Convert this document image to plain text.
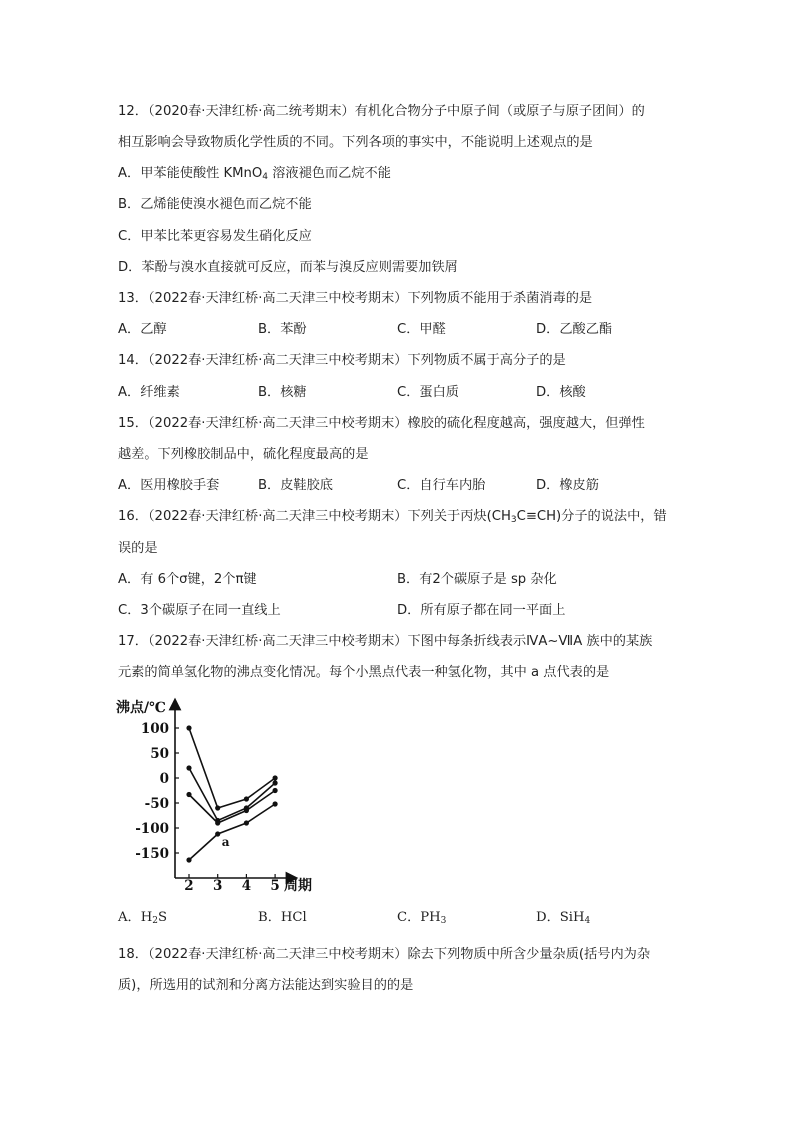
12．（2020春·天津红桥·高二统考期末）有机化合物分子中原子间（或原子与原子团间）的
相互影响会导致物质化学性质的不同。下列各项的事实中，不能说明上述观点的是
A．甲苯能使酸性 KMnO$_4$ 溶液褪色而乙烷不能
B．乙烯能使溴水褪色而乙烷不能
C．甲苯比苯更容易发生硝化反应
D．苯酚与溴水直接就可反应，而苯与溴反应则需要加铁屑
13．（2022春·天津红桥·高二天津三中校考期末）下列物质不能用于杀菌消毒的是
A．乙醇	B．苯酚	C．甲醛	D．乙酸乙酯
14．（2022春·天津红桥·高二天津三中校考期末）下列物质不属于高分子的是
A．纤维素	B．核糖	C．蛋白质	D．核酸
15．（2022春·天津红桥·高二天津三中校考期末）橡胶的硫化程度越高，强度越大，但弹性
越差。下列橡胶制品中，硫化程度最高的是
A．医用橡胶手套	B．皮鞋胶底	C．自行车内胎	D．橡皮筋
16．（2022春·天津红桥·高二天津三中校考期末）下列关于丙炔$(CH_3C\equiv CH)$分子的说法中，错
误的是
A．有 6个σ键，2个π键	B．有2个碳原子是 sp 杂化
C．3个碳原子在同一直线上	D．所有原子都在同一平面上
17．（2022春·天津红桥·高二天津三中校考期末）下图中每条折线表示ⅣA~ⅦA 族中的某族
元素的简单氢化物的沸点变化情况。每个小黑点代表一种氢化物，其中 a 点代表的是
沸点/℃
周期
100
50
0
-50
-100
-150
2 3 4 5
a
A．$H_2S$	B．HCl	C．$PH_3$	D．SiH$_4$
18．（2022春·天津红桥·高二天津三中校考期末）除去下列物质中所含少量杂质(括号内为杂
质)，所选用的试剂和分离方法能达到实验目的的是
